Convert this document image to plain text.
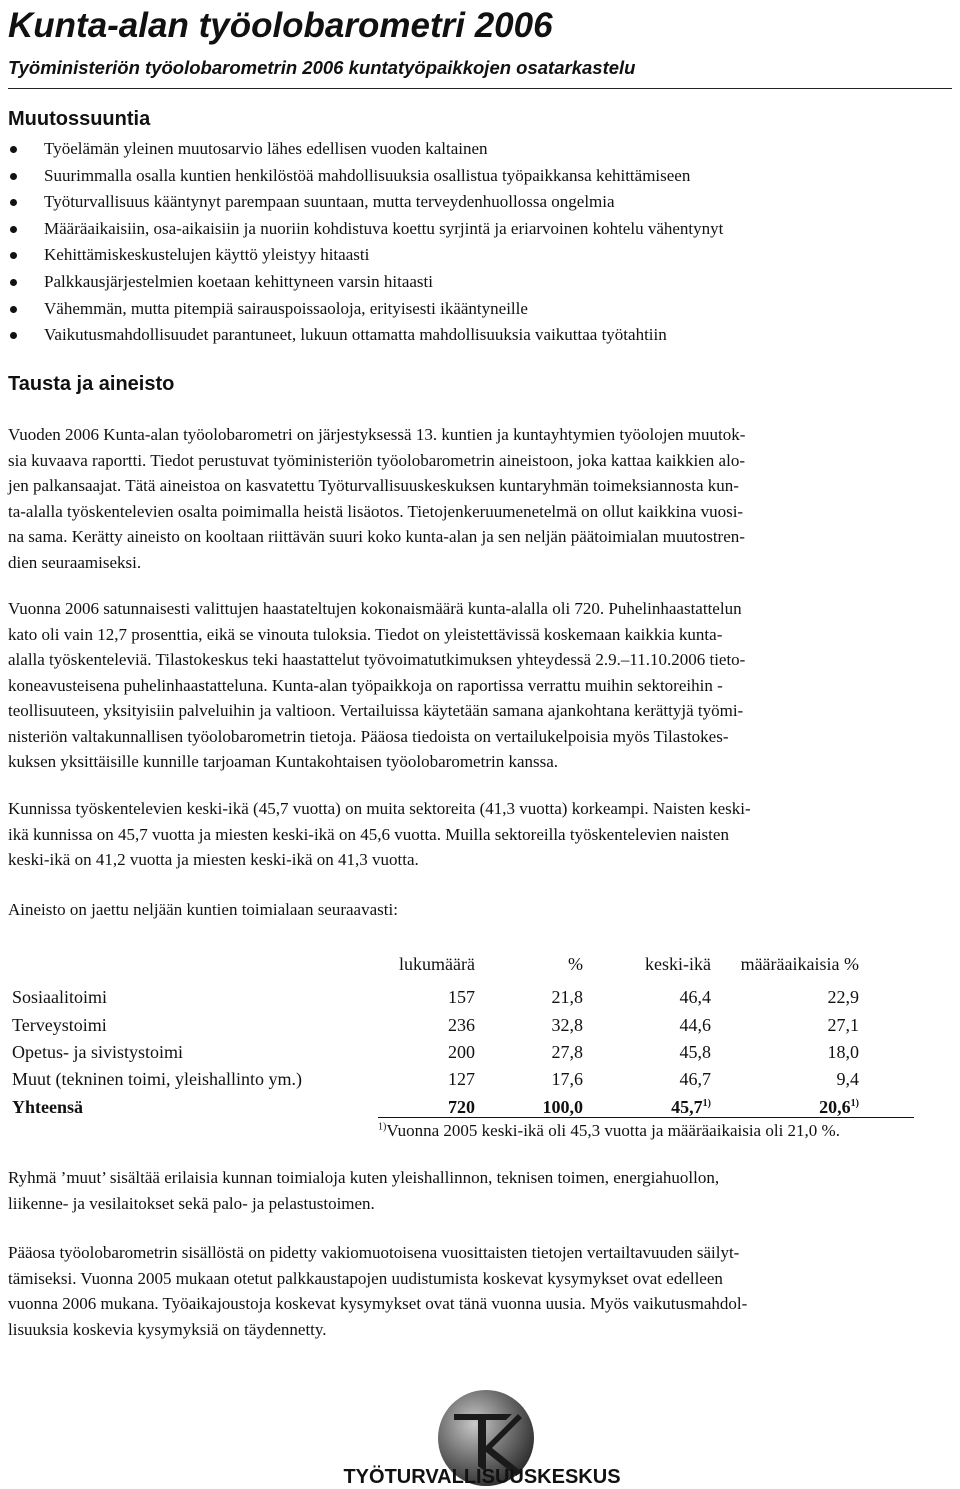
Kunta-alan työolobarometri 2006

Työministeriön työolobarometrin 2006 kuntatyöpaikkojen osatarkastelu

Muutossuuntia
Työelämän yleinen muutosarvio lähes edellisen vuoden kaltainen
Suurimmalla osalla kuntien henkilöstöä mahdollisuuksia osallistua työpaikkansa kehittämiseen
Työturvallisuus kääntynyt parempaan suuntaan, mutta terveydenhuollossa ongelmia
Määräaikaisiin, osa-aikaisiin ja nuoriin kohdistuva koettu syrjintä ja eriarvoinen kohtelu vähentynyt
Kehittämiskeskustelujen käyttö yleistyy hitaasti
Palkkausjärjestelmien koetaan kehittyneen varsin hitaasti
Vähemmän, mutta pitempiä sairauspoissaoloja, erityisesti ikääntyneille
Vaikutusmahdollisuudet parantuneet, lukuun ottamatta mahdollisuuksia vaikuttaa työtahtiin
Tausta ja aineisto

Vuoden 2006 Kunta-alan työolobarometri on järjestyksessä 13. kuntien ja kuntayhtymien työolojen muutok-
sia kuvaava raportti. Tiedot perustuvat työministeriön työolobarometrin aineistoon, joka kattaa kaikkien alo-
jen palkansaajat. Tätä aineistoa on kasvatettu Työturvallisuuskeskuksen kuntaryhmän toimeksiannosta kun-
ta-alalla työskentelevien osalta poimimalla heistä lisäotos. Tietojenkeruumenetelmä on ollut kaikkina vuosi-
na sama. Kerätty aineisto on kooltaan riittävän suuri koko kunta-alan ja sen neljän päätoimialan muutostren-
dien seuraamiseksi.

Vuonna 2006 satunnaisesti valittujen haastateltujen kokonaismäärä kunta-alalla oli 720. Puhelinhaastattelun
kato oli vain 12,7 prosenttia, eikä se vinouta tuloksia. Tiedot on yleistettävissä koskemaan kaikkia kunta-
alalla työskenteleviä. Tilastokeskus teki haastattelut työvoimatutkimuksen yhteydessä 2.9.–11.10.2006 tieto-
koneavusteisena puhelinhaastatteluna. Kunta-alan työpaikkoja on raportissa verrattu muihin sektoreihin -
teollisuuteen, yksityisiin palveluihin ja valtioon. Vertailuissa käytetään samana ajankohtana kerättyjä työmi-
nisteriön valtakunnallisen työolobarometrin tietoja. Pääosa tiedoista on vertailukelpoisia myös Tilastokes-
kuksen yksittäisille kunnille tarjoaman Kuntakohtaisen työolobarometrin kanssa.

Kunnissa työskentelevien keski-ikä (45,7 vuotta) on muita sektoreita (41,3 vuotta) korkeampi. Naisten keski-
ikä kunnissa on 45,7 vuotta ja miesten keski-ikä on 45,6 vuotta. Muilla sektoreilla työskentelevien naisten
keski-ikä on 41,2 vuotta ja miesten keski-ikä on 41,3 vuotta.

Aineisto on jaettu neljään kuntien toimialaan seuraavasti:

	lukumäärä	%	keski-ikä	määräaikaisia %
Sosiaalitoimi	157	21,8	46,4	22,9
Terveystoimi	236	32,8	44,6	27,1
Opetus- ja sivistystoimi	200	27,8	45,8	18,0
Muut (tekninen toimi, yleishallinto ym.)	127	17,6	46,7	9,4
Yhteensä	720	100,0	45,7$^{1)}$	20,6$^{1)}$

$^{1)}$Vuonna 2005 keski-ikä oli 45,3 vuotta ja määräaikaisia oli 21,0 %.

Ryhmä ’muut’ sisältää erilaisia kunnan toimialoja kuten yleishallinnon, teknisen toimen, energiahuollon,
liikenne- ja vesilaitokset sekä palo- ja pelastustoimen.

Pääosa työolobarometrin sisällöstä on pidetty vakiomuotoisena vuosittaisten tietojen vertailtavuuden säilyt-
tämiseksi. Vuonna 2005 mukaan otetut palkkaustapojen uudistumista koskevat kysymykset ovat edelleen
vuonna 2006 mukana. Työaikajoustoja koskevat kysymykset ovat tänä vuonna uusia. Myös vaikutusmahdol-
lisuuksia koskevia kysymyksiä on täydennetty.

TYÖTURVALLISUUSKESKUS
